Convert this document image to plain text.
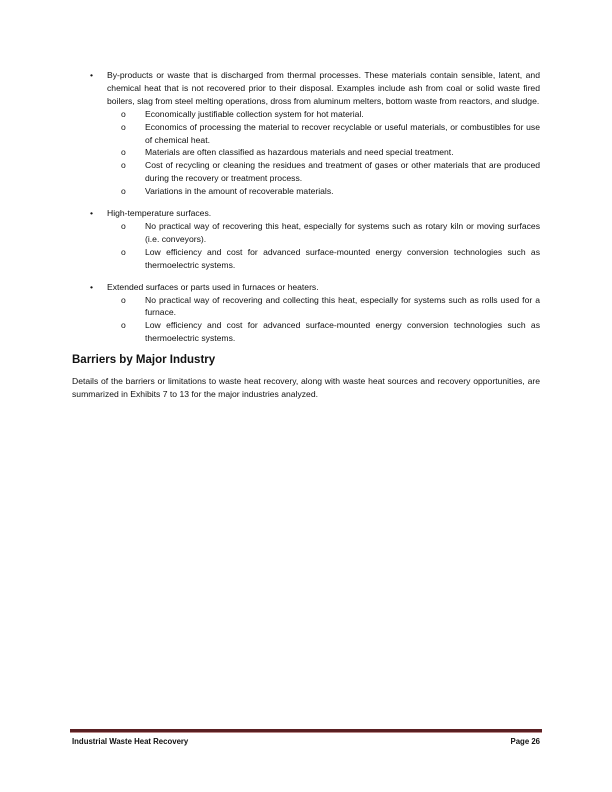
• By-products or waste that is discharged from thermal processes. These materials contain sensible, latent, and chemical heat that is not recovered prior to their disposal. Examples include ash from coal or solid waste fired boilers, slag from steel melting operations, dross from aluminum melters, bottom waste from reactors, and sludge.
o Economically justifiable collection system for hot material.
o Economics of processing the material to recover recyclable or useful materials, or combustibles for use of chemical heat.
o Materials are often classified as hazardous materials and need special treatment.
o Cost of recycling or cleaning the residues and treatment of gases or other materials that are produced during the recovery or treatment process.
o Variations in the amount of recoverable materials.
• High-temperature surfaces.
o No practical way of recovering this heat, especially for systems such as rotary kiln or moving surfaces (i.e. conveyors).
o Low efficiency and cost for advanced surface-mounted energy conversion technologies such as thermoelectric systems.
• Extended surfaces or parts used in furnaces or heaters.
o No practical way of recovering and collecting this heat, especially for systems such as rolls used for a furnace.
o Low efficiency and cost for advanced surface-mounted energy conversion technologies such as thermoelectric systems.
Barriers by Major Industry

Details of the barriers or limitations to waste heat recovery, along with waste heat sources and recovery opportunities, are summarized in Exhibits 7 to 13 for the major industries analyzed.

Industrial Waste Heat Recovery	Page 26
